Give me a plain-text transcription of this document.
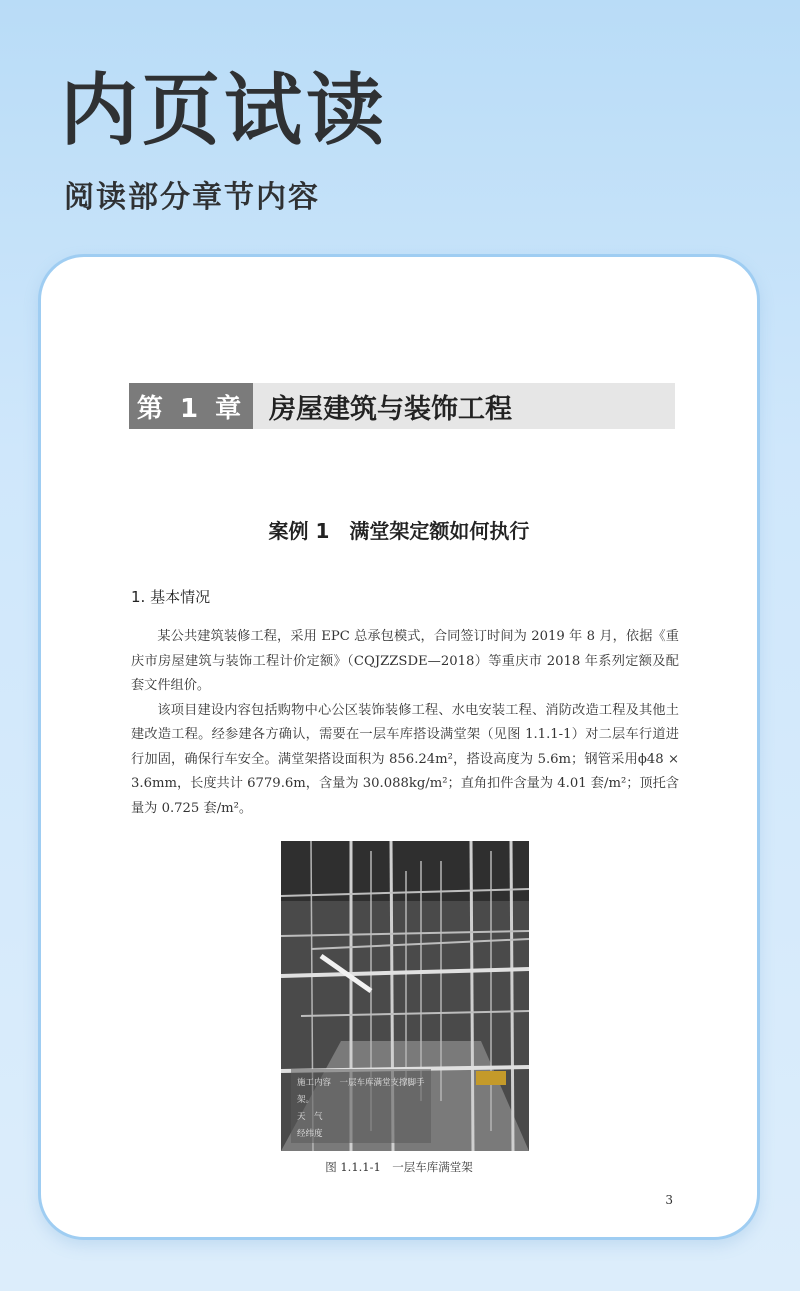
内页试读
阅读部分章节内容
第 1 章 房屋建筑与装饰工程
案例 1　满堂架定额如何执行
1. 基本情况

某公共建筑装修工程，采用 EPC 总承包模式，合同签订时间为 2019 年 8 月，依据《重庆市房屋建筑与装饰工程计价定额》（CQJZZSDE—2018）等重庆市 2018 年系列定额及配套文件组价。

该项目建设内容包括购物中心公区装饰装修工程、水电安装工程、消防改造工程及其他土建改造工程。经参建各方确认，需要在一层车库搭设满堂架（见图 1.1.1-1）对二层车行道进行加固，确保行车安全。满堂架搭设面积为 856.24m²，搭设高度为 5.6m；钢管采用ϕ48 × 3.6mm，长度共计 6779.6m，含量为 30.088kg/m²；直角扣件含量为 4.01 套/m²；顶托含量为 0.725 套/m²。

施工内容　 一层车库满堂支撑脚手架。
天　气
经纬度
图 1.1.1-1　一层车库满堂架
3
